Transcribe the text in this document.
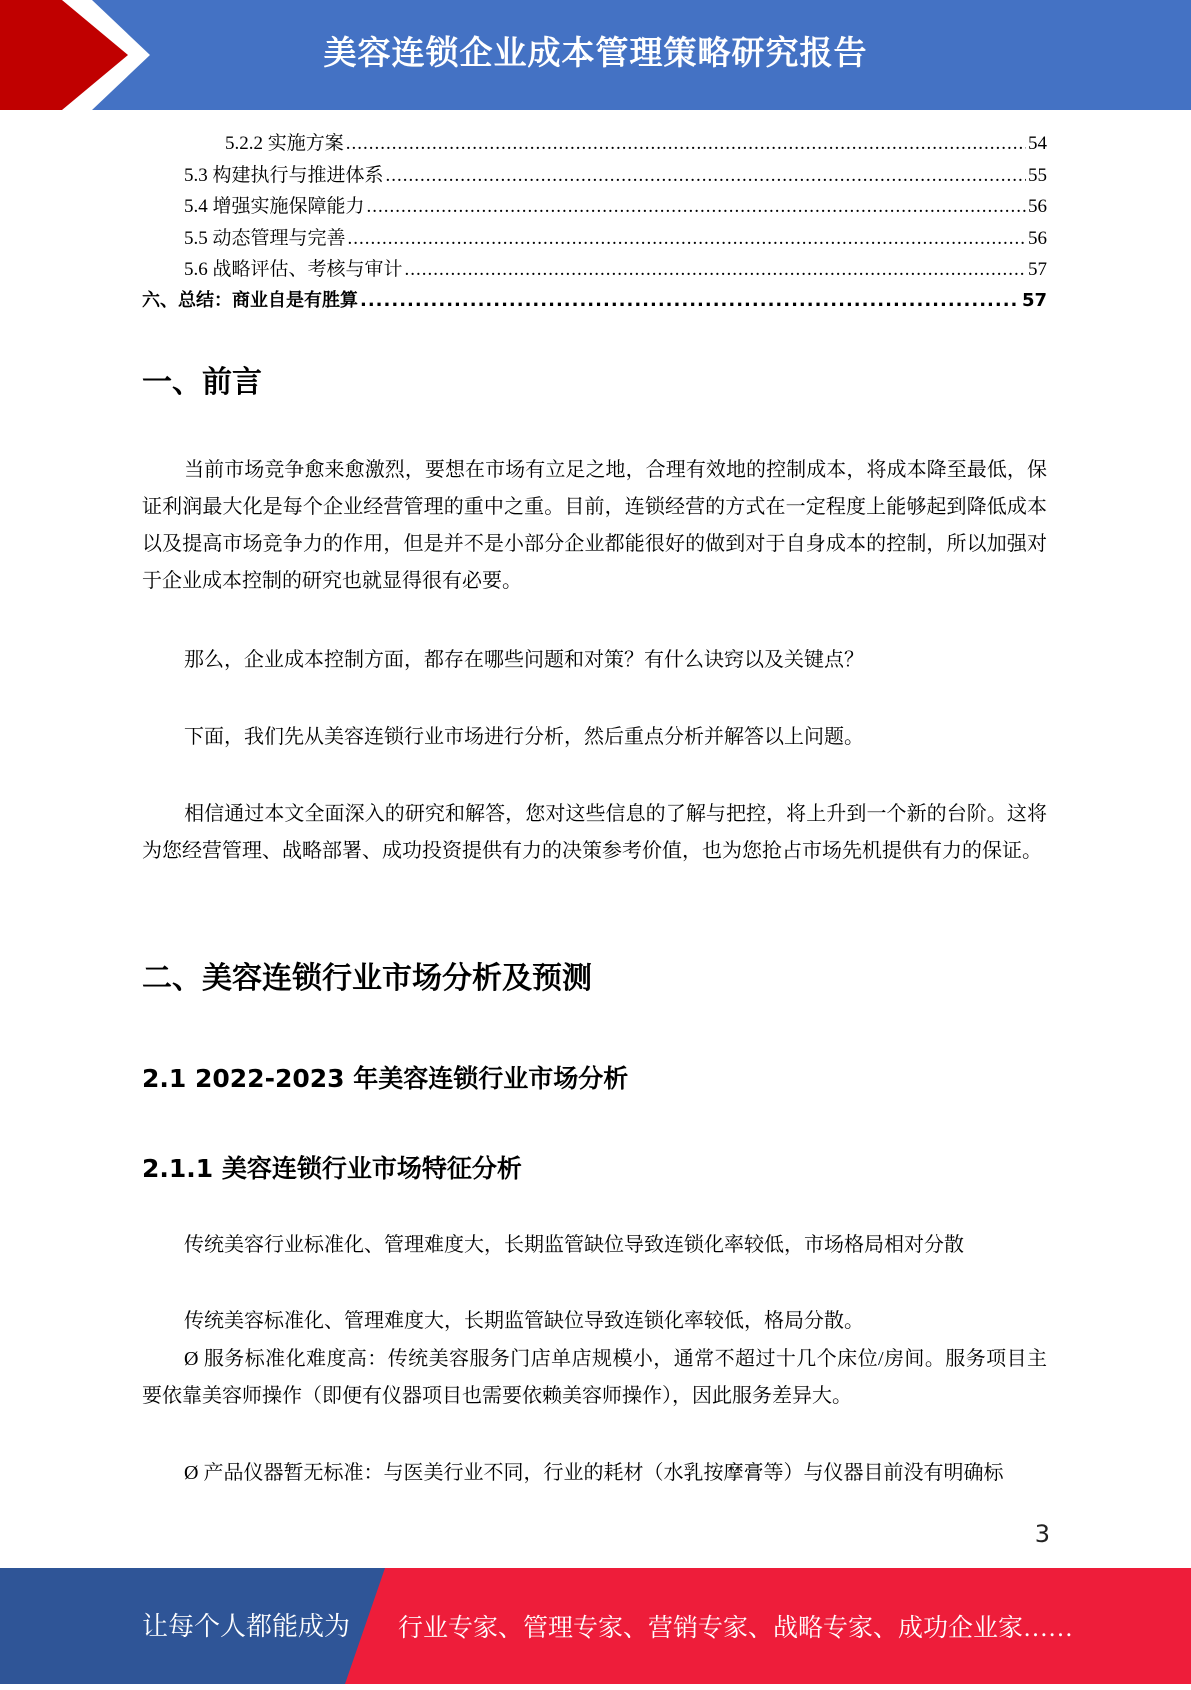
美容连锁企业成本管理策略研究报告
5.2.2 实施方案 .....	54
5.3 构建执行与推进体系 .....	55
5.4 增强实施保障能力 .....	56
5.5 动态管理与完善 .....	56
5.6 战略评估、考核与审计 .....	57
六、总结：商业自是有胜算 .....	57
一、前言
当前市场竞争愈来愈激烈，要想在市场有立足之地，合理有效地的控制成本，将成本降至最低，保证利润最大化是每个企业经营管理的重中之重。目前，连锁经营的方式在一定程度上能够起到降低成本以及提高市场竞争力的作用，但是并不是小部分企业都能很好的做到对于自身成本的控制，所以加强对于企业成本控制的研究也就显得很有必要。
那么，企业成本控制方面，都存在哪些问题和对策？有什么诀窍以及关键点？
下面，我们先从美容连锁行业市场进行分析，然后重点分析并解答以上问题。
相信通过本文全面深入的研究和解答，您对这些信息的了解与把控，将上升到一个新的台阶。这将为您经营管理、战略部署、成功投资提供有力的决策参考价值，也为您抢占市场先机提供有力的保证。
二、美容连锁行业市场分析及预测
2.1 2022-2023 年美容连锁行业市场分析
2.1.1 美容连锁行业市场特征分析
传统美容行业标准化、管理难度大，长期监管缺位导致连锁化率较低，市场格局相对分散
传统美容标准化、管理难度大，长期监管缺位导致连锁化率较低，格局分散。
Ø 服务标准化难度高：传统美容服务门店单店规模小，通常不超过十几个床位/房间。服务项目主要依靠美容师操作（即便有仪器项目也需要依赖美容师操作），因此服务差异大。
Ø 产品仪器暂无标准：与医美行业不同，行业的耗材（水乳按摩膏等）与仪器目前没有明确标
3
让每个人都能成为 行业专家、管理专家、营销专家、战略专家、成功企业家……
